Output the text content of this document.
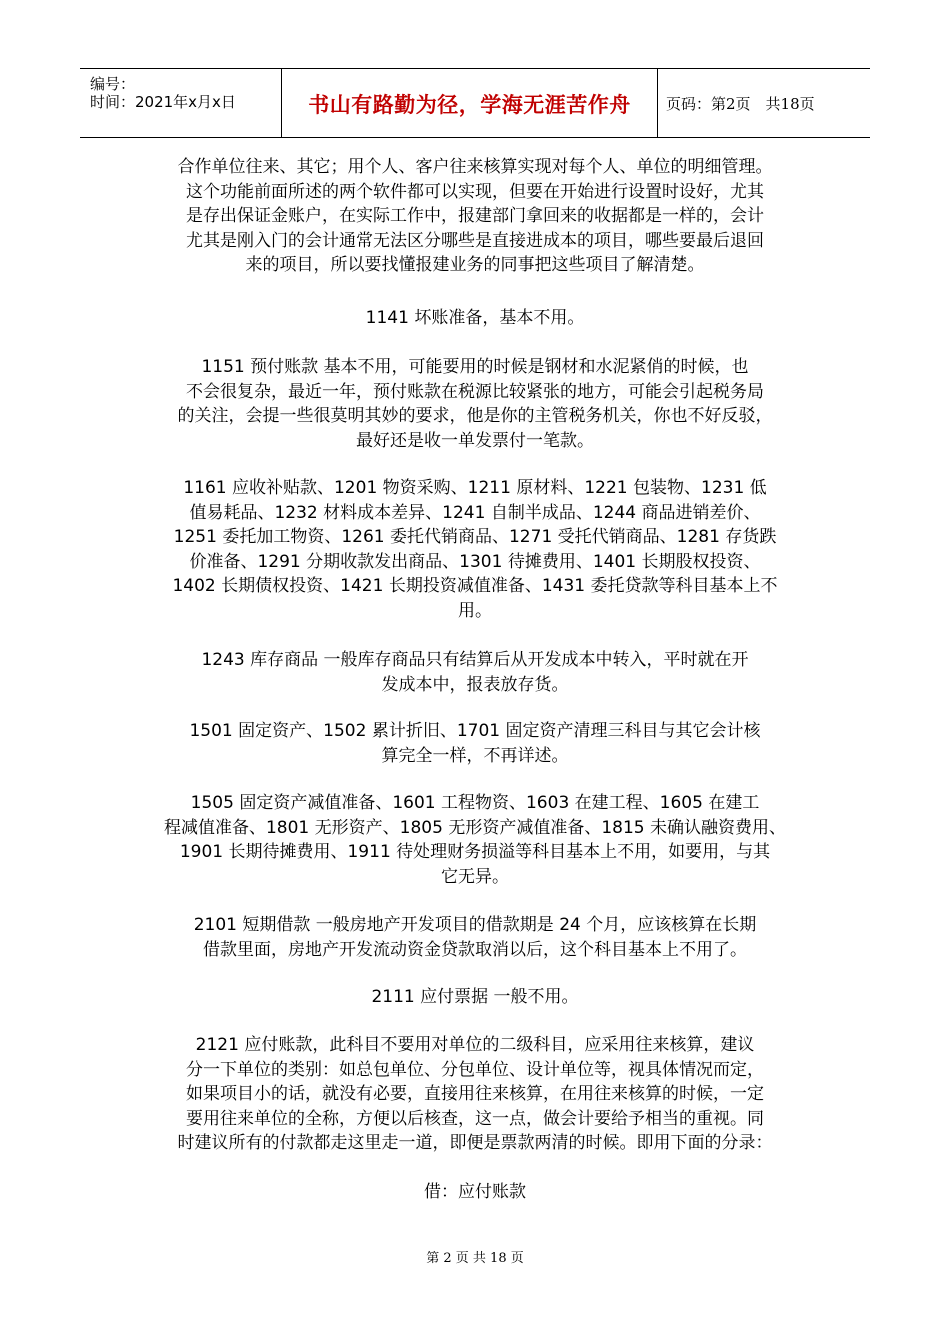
编号：
时间：2021年x月x日	书山有路勤为径，学海无涯苦作舟	页码：第2页　共18页
合作单位往来、其它；用个人、客户往来核算实现对每个人、单位的明细管理。
这个功能前面所述的两个软件都可以实现，但要在开始进行设置时设好，尤其
是存出保证金账户，在实际工作中，报建部门拿回来的收据都是一样的，会计
尤其是刚入门的会计通常无法区分哪些是直接进成本的项目，哪些要最后退回
来的项目，所以要找懂报建业务的同事把这些项目了解清楚。
1141 坏账准备，基本不用。
1151 预付账款 基本不用，可能要用的时候是钢材和水泥紧俏的时候，也
不会很复杂，最近一年，预付账款在税源比较紧张的地方，可能会引起税务局
的关注，会提一些很莫明其妙的要求，他是你的主管税务机关，你也不好反驳，
最好还是收一单发票付一笔款。
1161 应收补贴款、1201 物资采购、1211 原材料、1221 包装物、1231 低
值易耗品、1232 材料成本差异、1241 自制半成品、1244 商品进销差价、
1251 委托加工物资、1261 委托代销商品、1271 受托代销商品、1281 存货跌
价准备、1291 分期收款发出商品、1301 待摊费用、1401 长期股权投资、
1402 长期债权投资、1421 长期投资减值准备、1431 委托贷款等科目基本上不
用。
1243 库存商品 一般库存商品只有结算后从开发成本中转入，平时就在开
发成本中，报表放存货。
1501 固定资产、1502 累计折旧、1701 固定资产清理三科目与其它会计核
算完全一样，不再详述。
1505 固定资产减值准备、1601 工程物资、1603 在建工程、1605 在建工
程减值准备、1801 无形资产、1805 无形资产减值准备、1815 未确认融资费用、
1901 长期待摊费用、1911 待处理财务损溢等科目基本上不用，如要用，与其
它无异。
2101 短期借款 一般房地产开发项目的借款期是 24 个月，应该核算在长期
借款里面，房地产开发流动资金贷款取消以后，这个科目基本上不用了。
2111 应付票据 一般不用。
2121 应付账款，此科目不要用对单位的二级科目，应采用往来核算，建议
分一下单位的类别：如总包单位、分包单位、设计单位等，视具体情况而定，
如果项目小的话，就没有必要，直接用往来核算，在用往来核算的时候，一定
要用往来单位的全称，方便以后核查，这一点，做会计要给予相当的重视。同
时建议所有的付款都走这里走一道，即便是票款两清的时候。即用下面的分录：
借：应付账款
第 2 页 共 18 页
